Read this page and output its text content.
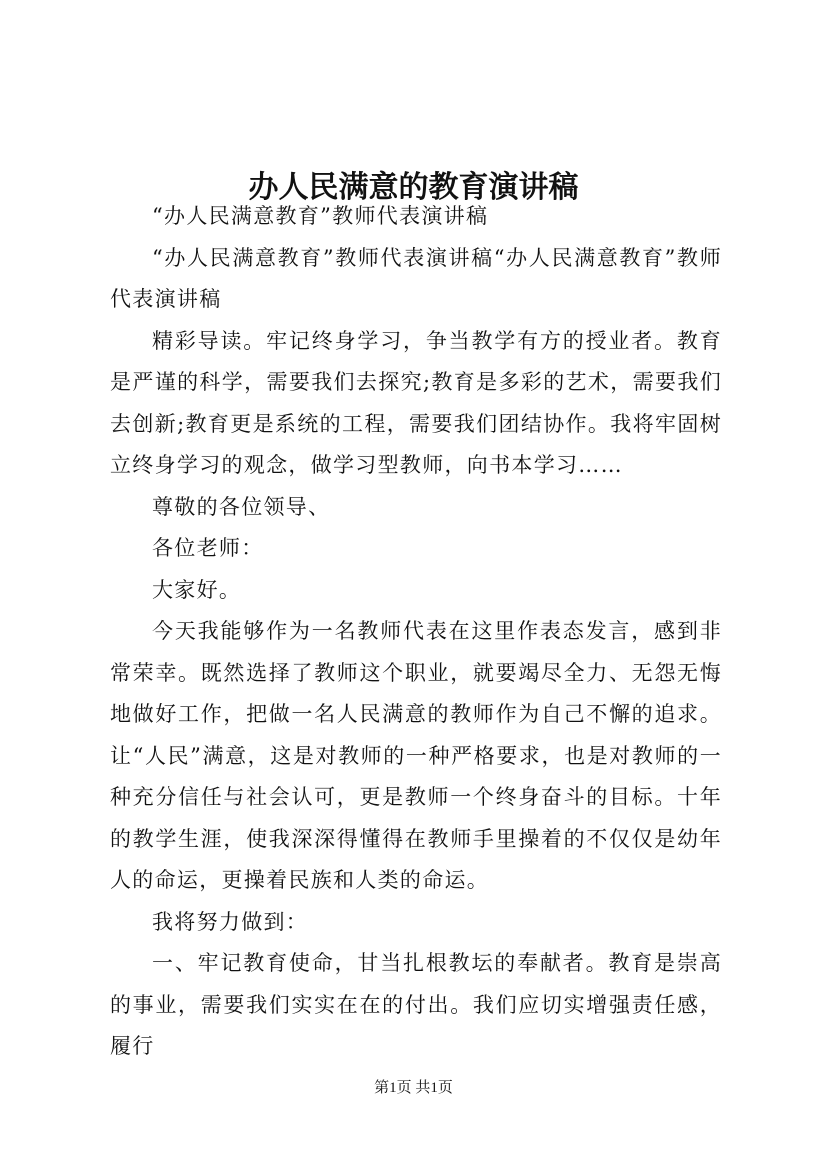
办人民满意的教育演讲稿

“办人民满意教育”教师代表演讲稿

“办人民满意教育”教师代表演讲稿“办人民满意教育”教师代表演讲稿

精彩导读。牢记终身学习，争当教学有方的授业者。教育是严谨的科学，需要我们去探究;教育是多彩的艺术，需要我们去创新;教育更是系统的工程，需要我们团结协作。我将牢固树立终身学习的观念，做学习型教师，向书本学习……

尊敬的各位领导、

各位老师：

大家好。

今天我能够作为一名教师代表在这里作表态发言，感到非常荣幸。既然选择了教师这个职业，就要竭尽全力、无怨无悔地做好工作，把做一名人民满意的教师作为自己不懈的追求。让“人民”满意，这是对教师的一种严格要求，也是对教师的一种充分信任与社会认可，更是教师一个终身奋斗的目标。十年的教学生涯，使我深深得懂得在教师手里操着的不仅仅是幼年人的命运，更操着民族和人类的命运。

我将努力做到：

一、牢记教育使命，甘当扎根教坛的奉献者。教育是崇高的事业，需要我们实实在在的付出。我们应切实增强责任感，履行

第1页 共1页
